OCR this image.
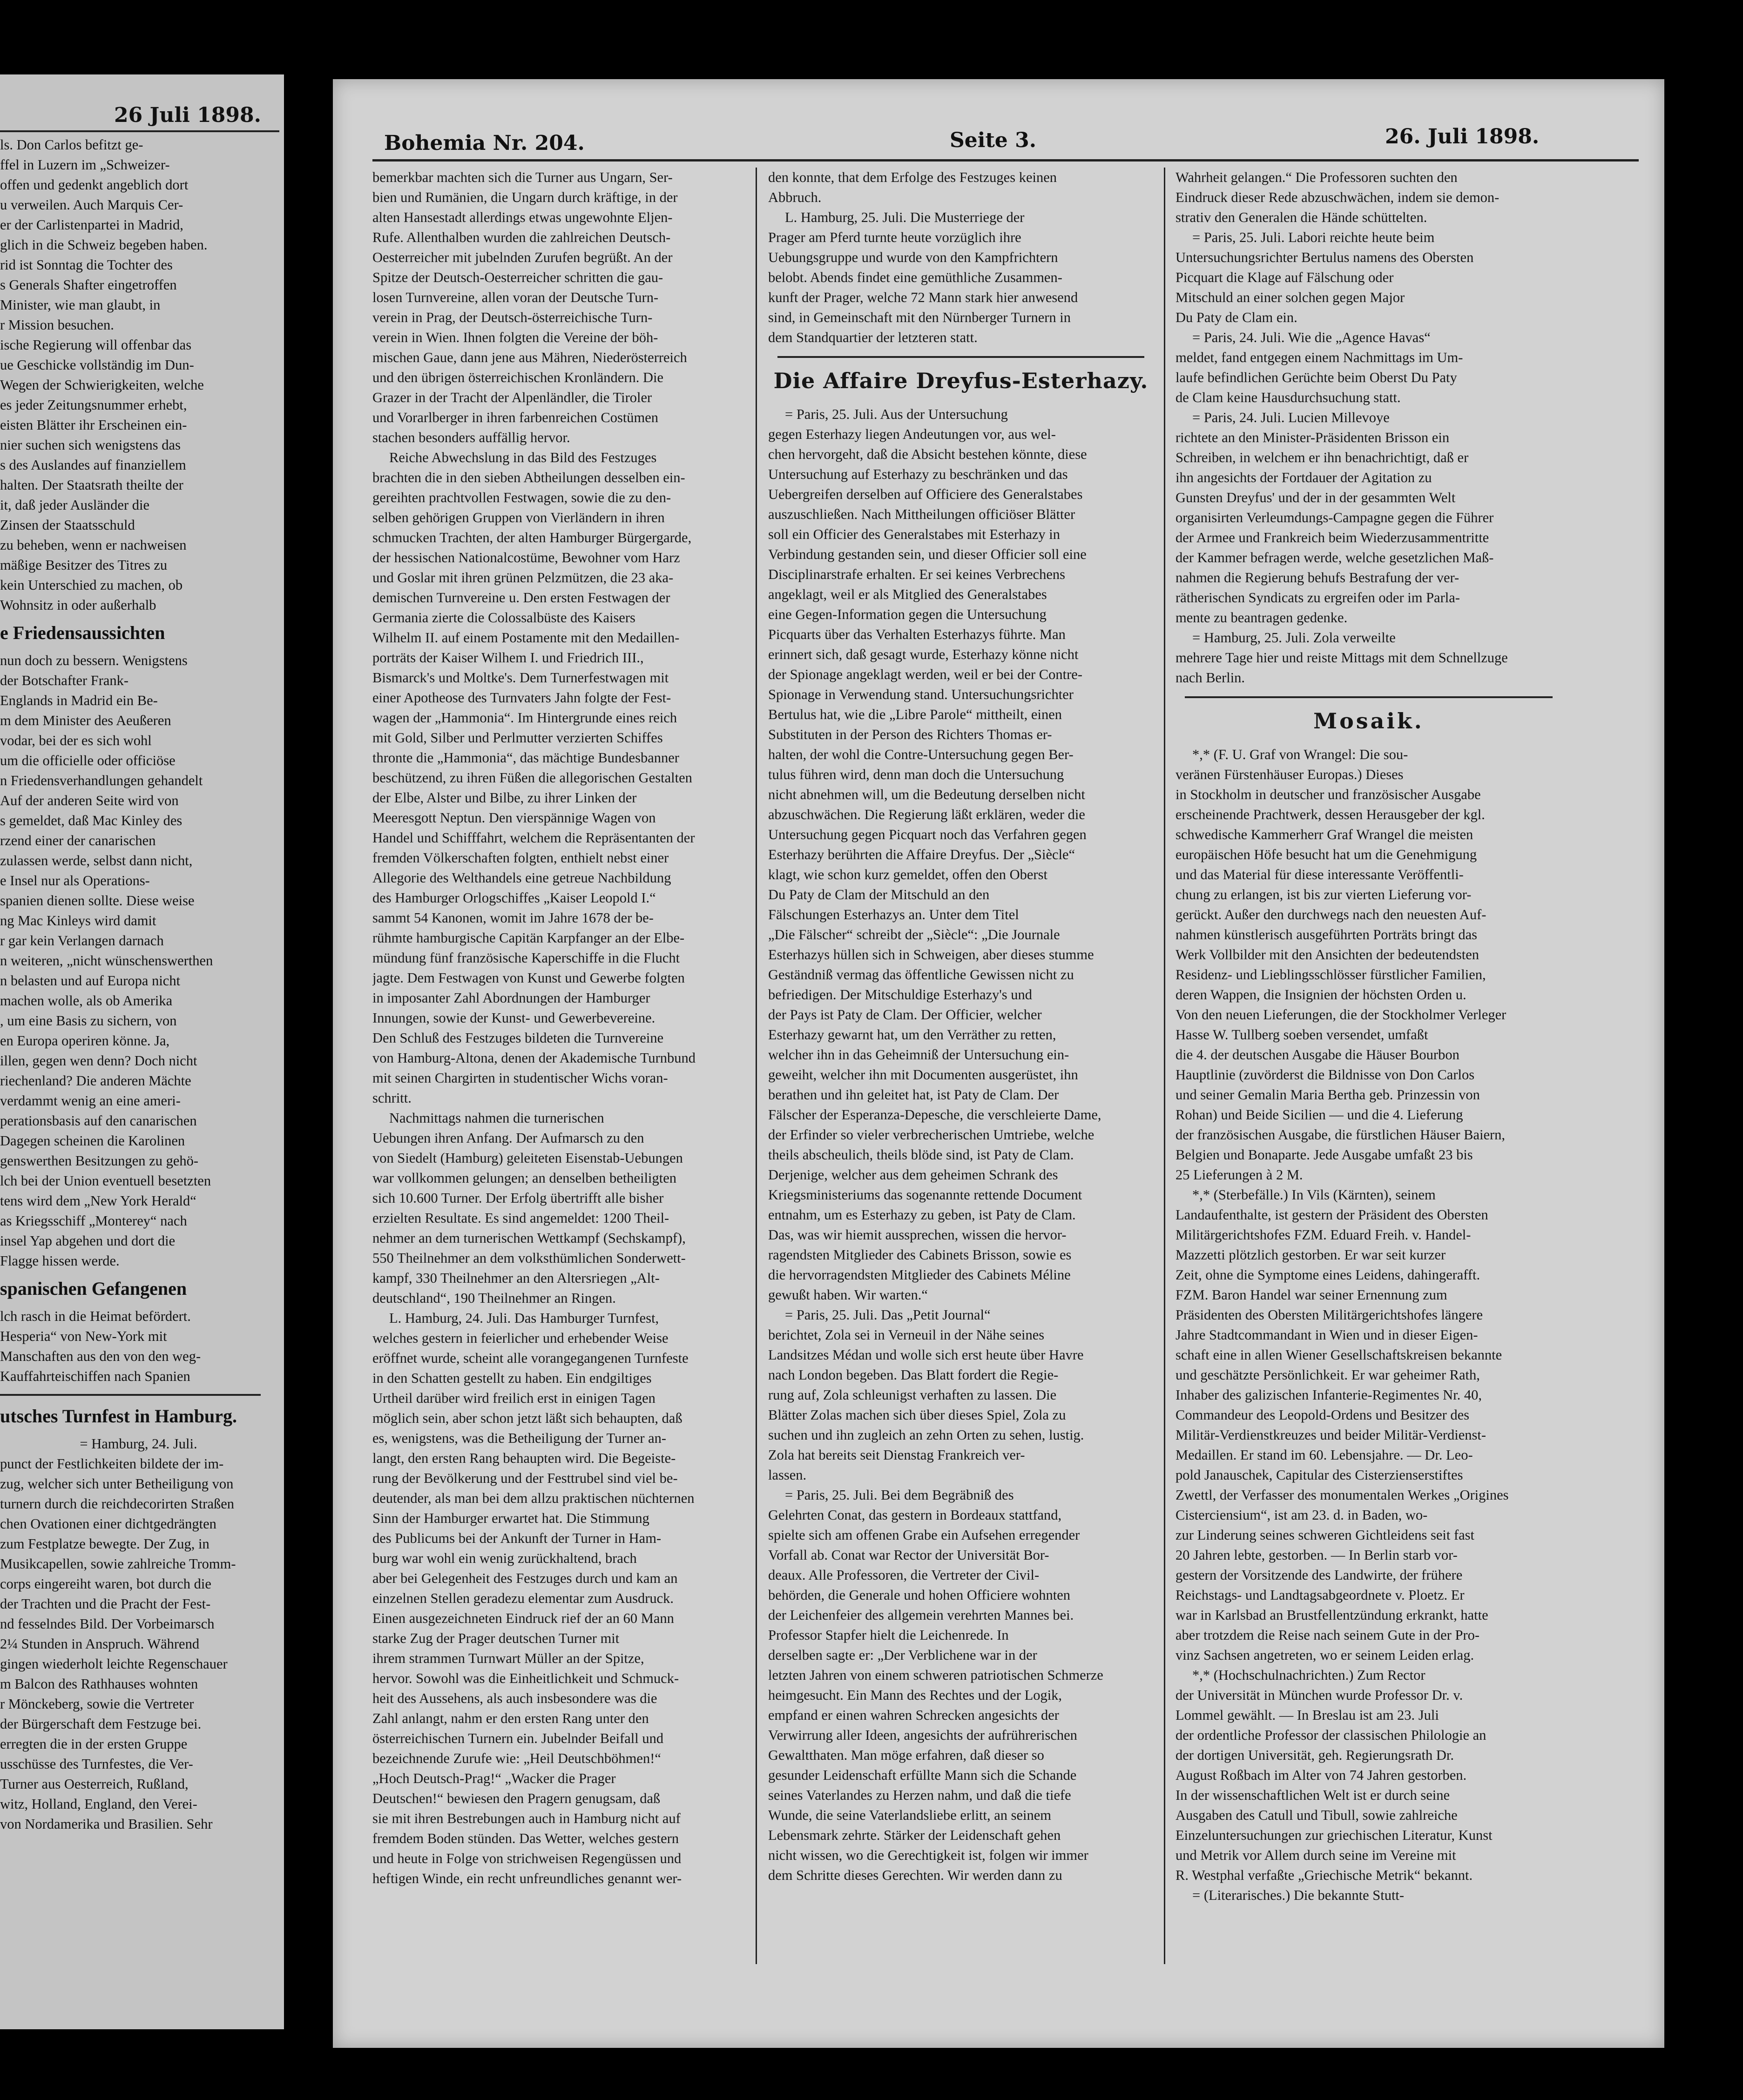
26 Juli 1898.

ls. Don Carlos befitzt ge-
ffel in Luzern im „Schweizer-
offen und gedenkt angeblich dort
u verweilen. Auch Marquis Cer-
er der Carlistenpartei in Madrid,
glich in die Schweiz begeben haben.
rid ist Sonntag die Tochter des
s Generals Shafter eingetroffen
Minister, wie man glaubt, in
r Mission besuchen.

ische Regierung will offenbar das
ue Geschicke vollständig im Dun-
Wegen der Schwierigkeiten, welche
es jeder Zeitungsnummer erhebt,
eisten Blätter ihr Erscheinen ein-

nier suchen sich wenigstens das
s des Auslandes auf finanziellem
halten. Der Staatsrath theilte der
it, daß jeder Ausländer die
Zinsen der Staatsschuld
zu beheben, wenn er nachweisen
mäßige Besitzer des Titres zu
kein Unterschied zu machen, ob
Wohnsitz in oder außerhalb

e Friedensaussichten

nun doch zu bessern. Wenigstens
der Botschafter Frank-
Englands in Madrid ein Be-
m dem Minister des Aeußeren
vodar, bei der es sich wohl
um die officielle oder officiöse
n Friedensverhandlungen gehandelt
Auf der anderen Seite wird von
s gemeldet, daß Mac Kinley des
rzend einer der canarischen
zulassen werde, selbst dann nicht,
e Insel nur als Operations-
spanien dienen sollte. Diese weise
ng Mac Kinleys wird damit
r gar kein Verlangen darnach
n weiteren, „nicht wünschenswerthen
n belasten und auf Europa nicht
machen wolle, als ob Amerika
, um eine Basis zu sichern, von
en Europa operiren könne. Ja,
illen, gegen wen denn? Doch nicht
riechenland? Die anderen Mächte
verdammt wenig an eine ameri-
perationsbasis auf den canarischen
Dagegen scheinen die Karolinen
genswerthen Besitzungen zu gehö-
lch bei der Union eventuell besetzten
tens wird dem „New York Herald“
as Kriegsschiff „Monterey“ nach
insel Yap abgehen und dort die
Flagge hissen werde.

spanischen Gefangenen

lch rasch in die Heimat befördert.
Hesperia“ von New-York mit
Manschaften aus den von den weg-
Kauffahrteischiffen nach Spanien

utsches Turnfest in Hamburg.

= Hamburg, 24. Juli.

punct der Festlichkeiten bildete der im-
zug, welcher sich unter Betheiligung von
turnern durch die reichdecorirten Straßen
chen Ovationen einer dichtgedrängten
zum Festplatze bewegte. Der Zug, in
Musikcapellen, sowie zahlreiche Tromm-
corps eingereiht waren, bot durch die
der Trachten und die Pracht der Fest-
nd fesselndes Bild. Der Vorbeimarsch
2¼ Stunden in Anspruch. Während
gingen wiederholt leichte Regenschauer
m Balcon des Rathhauses wohnten
r Mönckeberg, sowie die Vertreter
der Bürgerschaft dem Festzuge bei.
erregten die in der ersten Gruppe
usschüsse des Turnfestes, die Ver-
Turner aus Oesterreich, Rußland,
witz, Holland, England, den Verei-
von Nordamerika und Brasilien. Sehr

Bohemia Nr. 204.	Seite 3.	26. Juli 1898.

bemerkbar machten sich die Turner aus Ungarn, Ser-
bien und Rumänien, die Ungarn durch kräftige, in der
alten Hansestadt allerdings etwas ungewohnte Eljen-
Rufe. Allenthalben wurden die zahlreichen Deutsch-
Oesterreicher mit jubelnden Zurufen begrüßt. An der
Spitze der Deutsch-Oesterreicher schritten die gau-
losen Turnvereine, allen voran der Deutsche Turn-
verein in Prag, der Deutsch-österreichische Turn-
verein in Wien. Ihnen folgten die Vereine der böh-
mischen Gaue, dann jene aus Mähren, Niederösterreich
und den übrigen österreichischen Kronländern. Die
Grazer in der Tracht der Alpenländler, die Tiroler
und Vorarlberger in ihren farbenreichen Costümen
stachen besonders auffällig hervor.

Reiche Abwechslung in das Bild des Festzuges
brachten die in den sieben Abtheilungen desselben ein-
gereihten prachtvollen Festwagen, sowie die zu den-
selben gehörigen Gruppen von Vierländern in ihren
schmucken Trachten, der alten Hamburger Bürgergarde,
der hessischen Nationalcostüme, Bewohner vom Harz
und Goslar mit ihren grünen Pelzmützen, die 23 aka-
demischen Turnvereine u. Den ersten Festwagen der
Germania zierte die Colossalbüste des Kaisers
Wilhelm II. auf einem Postamente mit den Medaillen-
porträts der Kaiser Wilhem I. und Friedrich III.,
Bismarck's und Moltke's. Dem Turnerfestwagen mit
einer Apotheose des Turnvaters Jahn folgte der Fest-
wagen der „Hammonia“. Im Hintergrunde eines reich
mit Gold, Silber und Perlmutter verzierten Schiffes
thronte die „Hammonia“, das mächtige Bundesbanner
beschützend, zu ihren Füßen die allegorischen Gestalten
der Elbe, Alster und Bilbe, zu ihrer Linken der
Meeresgott Neptun. Den vierspännige Wagen von
Handel und Schifffahrt, welchem die Repräsentanten der
fremden Völkerschaften folgten, enthielt nebst einer
Allegorie des Welthandels eine getreue Nachbildung
des Hamburger Orlogschiffes „Kaiser Leopold I.“
sammt 54 Kanonen, womit im Jahre 1678 der be-
rühmte hamburgische Capitän Karpfanger an der Elbe-
mündung fünf französische Kaperschiffe in die Flucht
jagte. Dem Festwagen von Kunst und Gewerbe folgten
in imposanter Zahl Abordnungen der Hamburger
Innungen, sowie der Kunst- und Gewerbevereine.
Den Schluß des Festzuges bildeten die Turnvereine
von Hamburg-Altona, denen der Akademische Turnbund
mit seinen Chargirten in studentischer Wichs voran-
schritt.

Nachmittags nahmen die turnerischen
Uebungen ihren Anfang. Der Aufmarsch zu den
von Siedelt (Hamburg) geleiteten Eisenstab-Uebungen
war vollkommen gelungen; an denselben betheiligten
sich 10.600 Turner. Der Erfolg übertrifft alle bisher
erzielten Resultate. Es sind angemeldet: 1200 Theil-
nehmer an dem turnerischen Wettkampf (Sechskampf),
550 Theilnehmer an dem volksthümlichen Sonderwett-
kampf, 330 Theilnehmer an den Altersriegen „Alt-
deutschland“, 190 Theilnehmer an Ringen.

L. Hamburg, 24. Juli. Das Hamburger Turnfest,
welches gestern in feierlicher und erhebender Weise
eröffnet wurde, scheint alle vorangegangenen Turnfeste
in den Schatten gestellt zu haben. Ein endgiltiges
Urtheil darüber wird freilich erst in einigen Tagen
möglich sein, aber schon jetzt läßt sich behaupten, daß
es, wenigstens, was die Betheiligung der Turner an-
langt, den ersten Rang behaupten wird. Die Begeiste-
rung der Bevölkerung und der Festtrubel sind viel be-
deutender, als man bei dem allzu praktischen nüchternen
Sinn der Hamburger erwartet hat. Die Stimmung
des Publicums bei der Ankunft der Turner in Ham-
burg war wohl ein wenig zurückhaltend, brach
aber bei Gelegenheit des Festzuges durch und kam an
einzelnen Stellen geradezu elementar zum Ausdruck.
Einen ausgezeichneten Eindruck rief der an 60 Mann
starke Zug der Prager deutschen Turner mit
ihrem strammen Turnwart Müller an der Spitze,
hervor. Sowohl was die Einheitlichkeit und Schmuck-
heit des Aussehens, als auch insbesondere was die
Zahl anlangt, nahm er den ersten Rang unter den
österreichischen Turnern ein. Jubelnder Beifall und
bezeichnende Zurufe wie: „Heil Deutschböhmen!“
„Hoch Deutsch-Prag!“ „Wacker die Prager
Deutschen!“ bewiesen den Pragern genugsam, daß
sie mit ihren Bestrebungen auch in Hamburg nicht auf
fremdem Boden stünden. Das Wetter, welches gestern
und heute in Folge von strichweisen Regengüssen und
heftigen Winde, ein recht unfreundliches genannt wer-

den konnte, that dem Erfolge des Festzuges keinen
Abbruch.

L. Hamburg, 25. Juli. Die Musterriege der
Prager am Pferd turnte heute vorzüglich ihre
Uebungsgruppe und wurde von den Kampfrichtern
belobt. Abends findet eine gemüthliche Zusammen-
kunft der Prager, welche 72 Mann stark hier anwesend
sind, in Gemeinschaft mit den Nürnberger Turnern in
dem Standquartier der letzteren statt.

Die Affaire Dreyfus-Esterhazy.

= Paris, 25. Juli. Aus der Untersuchung
gegen Esterhazy liegen Andeutungen vor, aus wel-
chen hervorgeht, daß die Absicht bestehen könnte, diese
Untersuchung auf Esterhazy zu beschränken und das
Uebergreifen derselben auf Officiere des Generalstabes
auszuschließen. Nach Mittheilungen officiöser Blätter
soll ein Officier des Generalstabes mit Esterhazy in
Verbindung gestanden sein, und dieser Officier soll eine
Disciplinarstrafe erhalten. Er sei keines Verbrechens
angeklagt, weil er als Mitglied des Generalstabes
eine Gegen-Information gegen die Untersuchung
Picquarts über das Verhalten Esterhazys führte. Man
erinnert sich, daß gesagt wurde, Esterhazy könne nicht
der Spionage angeklagt werden, weil er bei der Contre-
Spionage in Verwendung stand. Untersuchungsrichter
Bertulus hat, wie die „Libre Parole“ mittheilt, einen
Substituten in der Person des Richters Thomas er-
halten, der wohl die Contre-Untersuchung gegen Ber-
tulus führen wird, denn man doch die Untersuchung
nicht abnehmen will, um die Bedeutung derselben nicht
abzuschwächen. Die Regierung läßt erklären, weder die
Untersuchung gegen Picquart noch das Verfahren gegen
Esterhazy berührten die Affaire Dreyfus. Der „Siècle“
klagt, wie schon kurz gemeldet, offen den Oberst
Du Paty de Clam der Mitschuld an den
Fälschungen Esterhazys an. Unter dem Titel
„Die Fälscher“ schreibt der „Siècle“: „Die Journale
Esterhazys hüllen sich in Schweigen, aber dieses stumme
Geständniß vermag das öffentliche Gewissen nicht zu
befriedigen. Der Mitschuldige Esterhazy's und
der Pays ist Paty de Clam. Der Officier, welcher
Esterhazy gewarnt hat, um den Verräther zu retten,
welcher ihn in das Geheimniß der Untersuchung ein-
geweiht, welcher ihn mit Documenten ausgerüstet, ihn
berathen und ihn geleitet hat, ist Paty de Clam. Der
Fälscher der Esperanza-Depesche, die verschleierte Dame,
der Erfinder so vieler verbrecherischen Umtriebe, welche
theils abscheulich, theils blöde sind, ist Paty de Clam.
Derjenige, welcher aus dem geheimen Schrank des
Kriegsministeriums das sogenannte rettende Document
entnahm, um es Esterhazy zu geben, ist Paty de Clam.
Das, was wir hiemit aussprechen, wissen die hervor-
ragendsten Mitglieder des Cabinets Brisson, sowie es
die hervorragendsten Mitglieder des Cabinets Méline
gewußt haben. Wir warten.“

= Paris, 25. Juli. Das „Petit Journal“
berichtet, Zola sei in Verneuil in der Nähe seines
Landsitzes Médan und wolle sich erst heute über Havre
nach London begeben. Das Blatt fordert die Regie-
rung auf, Zola schleunigst verhaften zu lassen. Die
Blätter Zolas machen sich über dieses Spiel, Zola zu
suchen und ihn zugleich an zehn Orten zu sehen, lustig.
Zola hat bereits seit Dienstag Frankreich ver-
lassen.

= Paris, 25. Juli. Bei dem Begräbniß des
Gelehrten Conat, das gestern in Bordeaux stattfand,
spielte sich am offenen Grabe ein Aufsehen erregender
Vorfall ab. Conat war Rector der Universität Bor-
deaux. Alle Professoren, die Vertreter der Civil-
behörden, die Generale und hohen Officiere wohnten
der Leichenfeier des allgemein verehrten Mannes bei.
Professor Stapfer hielt die Leichenrede. In
derselben sagte er: „Der Verblichene war in der
letzten Jahren von einem schweren patriotischen Schmerze
heimgesucht. Ein Mann des Rechtes und der Logik,
empfand er einen wahren Schrecken angesichts der
Verwirrung aller Ideen, angesichts der aufrührerischen
Gewaltthaten. Man möge erfahren, daß dieser so
gesunder Leidenschaft erfüllte Mann sich die Schande
seines Vaterlandes zu Herzen nahm, und daß die tiefe
Wunde, die seine Vaterlandsliebe erlitt, an seinem
Lebensmark zehrte. Stärker der Leidenschaft gehen
nicht wissen, wo die Gerechtigkeit ist, folgen wir immer
dem Schritte dieses Gerechten. Wir werden dann zu

Wahrheit gelangen.“ Die Professoren suchten den
Eindruck dieser Rede abzuschwächen, indem sie demon-
strativ den Generalen die Hände schüttelten.

= Paris, 25. Juli. Labori reichte heute beim
Untersuchungsrichter Bertulus namens des Obersten
Picquart die Klage auf Fälschung oder
Mitschuld an einer solchen gegen Major
Du Paty de Clam ein.

= Paris, 24. Juli. Wie die „Agence Havas“
meldet, fand entgegen einem Nachmittags im Um-
laufe befindlichen Gerüchte beim Oberst Du Paty
de Clam keine Hausdurchsuchung statt.

= Paris, 24. Juli. Lucien Millevoye
richtete an den Minister-Präsidenten Brisson ein
Schreiben, in welchem er ihn benachrichtigt, daß er
ihn angesichts der Fortdauer der Agitation zu
Gunsten Dreyfus' und der in der gesammten Welt
organisirten Verleumdungs-Campagne gegen die Führer
der Armee und Frankreich beim Wiederzusammentritte
der Kammer befragen werde, welche gesetzlichen Maß-
nahmen die Regierung behufs Bestrafung der ver-
rätherischen Syndicats zu ergreifen oder im Parla-
mente zu beantragen gedenke.

= Hamburg, 25. Juli. Zola verweilte
mehrere Tage hier und reiste Mittags mit dem Schnellzuge
nach Berlin.

Mosaik.

*,* (F. U. Graf von Wrangel: Die sou-
veränen Fürstenhäuser Europas.) Dieses
in Stockholm in deutscher und französischer Ausgabe
erscheinende Prachtwerk, dessen Herausgeber der kgl.
schwedische Kammerherr Graf Wrangel die meisten
europäischen Höfe besucht hat um die Genehmigung
und das Material für diese interessante Veröffentli-
chung zu erlangen, ist bis zur vierten Lieferung vor-
gerückt. Außer den durchwegs nach den neuesten Auf-
nahmen künstlerisch ausgeführten Porträts bringt das
Werk Vollbilder mit den Ansichten der bedeutendsten
Residenz- und Lieblingsschlösser fürstlicher Familien,
deren Wappen, die Insignien der höchsten Orden u.
Von den neuen Lieferungen, die der Stockholmer Verleger
Hasse W. Tullberg soeben versendet, umfaßt
die 4. der deutschen Ausgabe die Häuser Bourbon
Hauptlinie (zuvörderst die Bildnisse von Don Carlos
und seiner Gemalin Maria Bertha geb. Prinzessin von
Rohan) und Beide Sicilien — und die 4. Lieferung
der französischen Ausgabe, die fürstlichen Häuser Baiern,
Belgien und Bonaparte. Jede Ausgabe umfaßt 23 bis
25 Lieferungen à 2 M.

*,* (Sterbefälle.) In Vils (Kärnten), seinem
Landaufenthalte, ist gestern der Präsident des Obersten
Militärgerichtshofes FZM. Eduard Freih. v. Handel-
Mazzetti plötzlich gestorben. Er war seit kurzer
Zeit, ohne die Symptome eines Leidens, dahingerafft.
FZM. Baron Handel war seiner Ernennung zum
Präsidenten des Obersten Militärgerichtshofes längere
Jahre Stadtcommandant in Wien und in dieser Eigen-
schaft eine in allen Wiener Gesellschaftskreisen bekannte
und geschätzte Persönlichkeit. Er war geheimer Rath,
Inhaber des galizischen Infanterie-Regimentes Nr. 40,
Commandeur des Leopold-Ordens und Besitzer des
Militär-Verdienstkreuzes und beider Militär-Verdienst-
Medaillen. Er stand im 60. Lebensjahre. — Dr. Leo-
pold Janauschek, Capitular des Cisterzienserstiftes
Zwettl, der Verfasser des monumentalen Werkes „Origines
Cisterciensium“, ist am 23. d. in Baden, wo-
zur Linderung seines schweren Gichtleidens seit fast
20 Jahren lebte, gestorben. — In Berlin starb vor-
gestern der Vorsitzende des Landwirte, der frühere
Reichstags- und Landtagsabgeordnete v. Ploetz. Er
war in Karlsbad an Brustfellentzündung erkrankt, hatte
aber trotzdem die Reise nach seinem Gute in der Pro-
vinz Sachsen angetreten, wo er seinem Leiden erlag.

*,* (Hochschulnachrichten.) Zum Rector
der Universität in München wurde Professor Dr. v.
Lommel gewählt. — In Breslau ist am 23. Juli
der ordentliche Professor der classischen Philologie an
der dortigen Universität, geh. Regierungsrath Dr.
August Roßbach im Alter von 74 Jahren gestorben.
In der wissenschaftlichen Welt ist er durch seine
Ausgaben des Catull und Tibull, sowie zahlreiche
Einzeluntersuchungen zur griechischen Literatur, Kunst
und Metrik vor Allem durch seine im Vereine mit
R. Westphal verfaßte „Griechische Metrik“ bekannt.

= (Literarisches.) Die bekannte Stutt-
